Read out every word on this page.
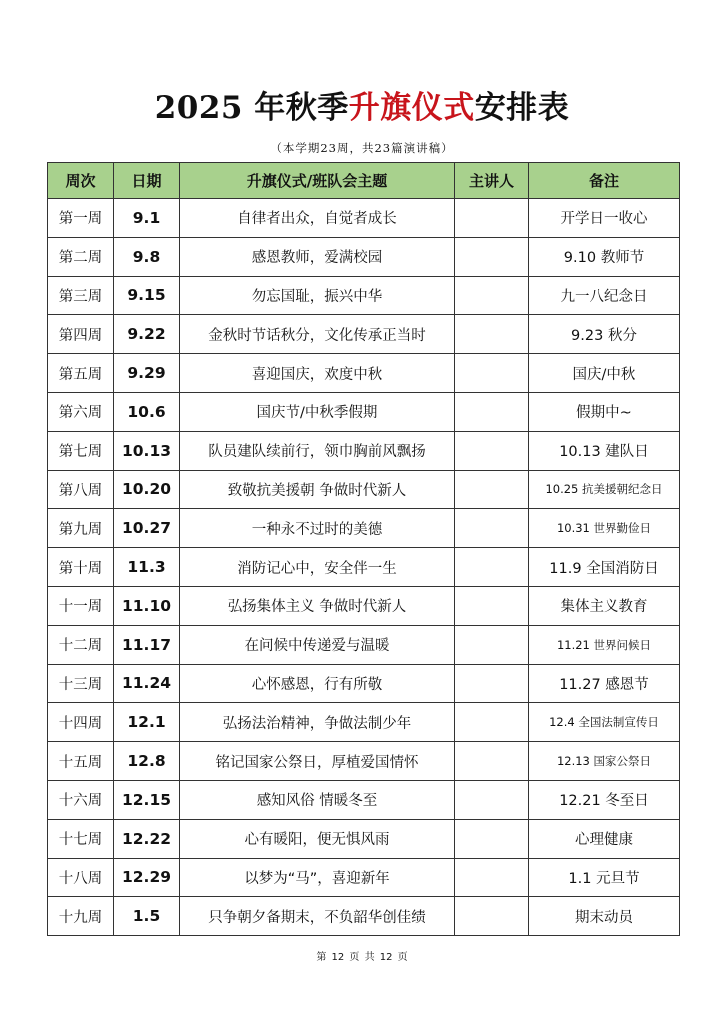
2025 年秋季升旗仪式安排表
（本学期23周，共23篇演讲稿）
周次	日期	升旗仪式/班队会主题	主讲人	备注
第一周	9.1	自律者出众，自觉者成长		开学日一收心
第二周	9.8	感恩教师，爱满校园		9.10 教师节
第三周	9.15	勿忘国耻，振兴中华		九一八纪念日
第四周	9.22	金秋时节话秋分，文化传承正当时		9.23 秋分
第五周	9.29	喜迎国庆，欢度中秋		国庆/中秋
第六周	10.6	国庆节/中秋季假期		假期中~
第七周	10.13	队员建队续前行，领巾胸前风飘扬		10.13 建队日
第八周	10.20	致敬抗美援朝 争做时代新人		10.25 抗美援朝纪念日
第九周	10.27	一种永不过时的美德		10.31 世界勤俭日
第十周	11.3	消防记心中，安全伴一生		11.9 全国消防日
十一周	11.10	弘扬集体主义 争做时代新人		集体主义教育
十二周	11.17	在问候中传递爱与温暖		11.21 世界问候日
十三周	11.24	心怀感恩，行有所敬		11.27 感恩节
十四周	12.1	弘扬法治精神，争做法制少年		12.4 全国法制宣传日
十五周	12.8	铭记国家公祭日，厚植爱国情怀		12.13 国家公祭日
十六周	12.15	感知风俗 情暖冬至		12.21 冬至日
十七周	12.22	心有暖阳，便无惧风雨		心理健康
十八周	12.29	以梦为“马”，喜迎新年		1.1 元旦节
十九周	1.5	只争朝夕备期末，不负韶华创佳绩		期末动员
第 12 页 共 12 页
